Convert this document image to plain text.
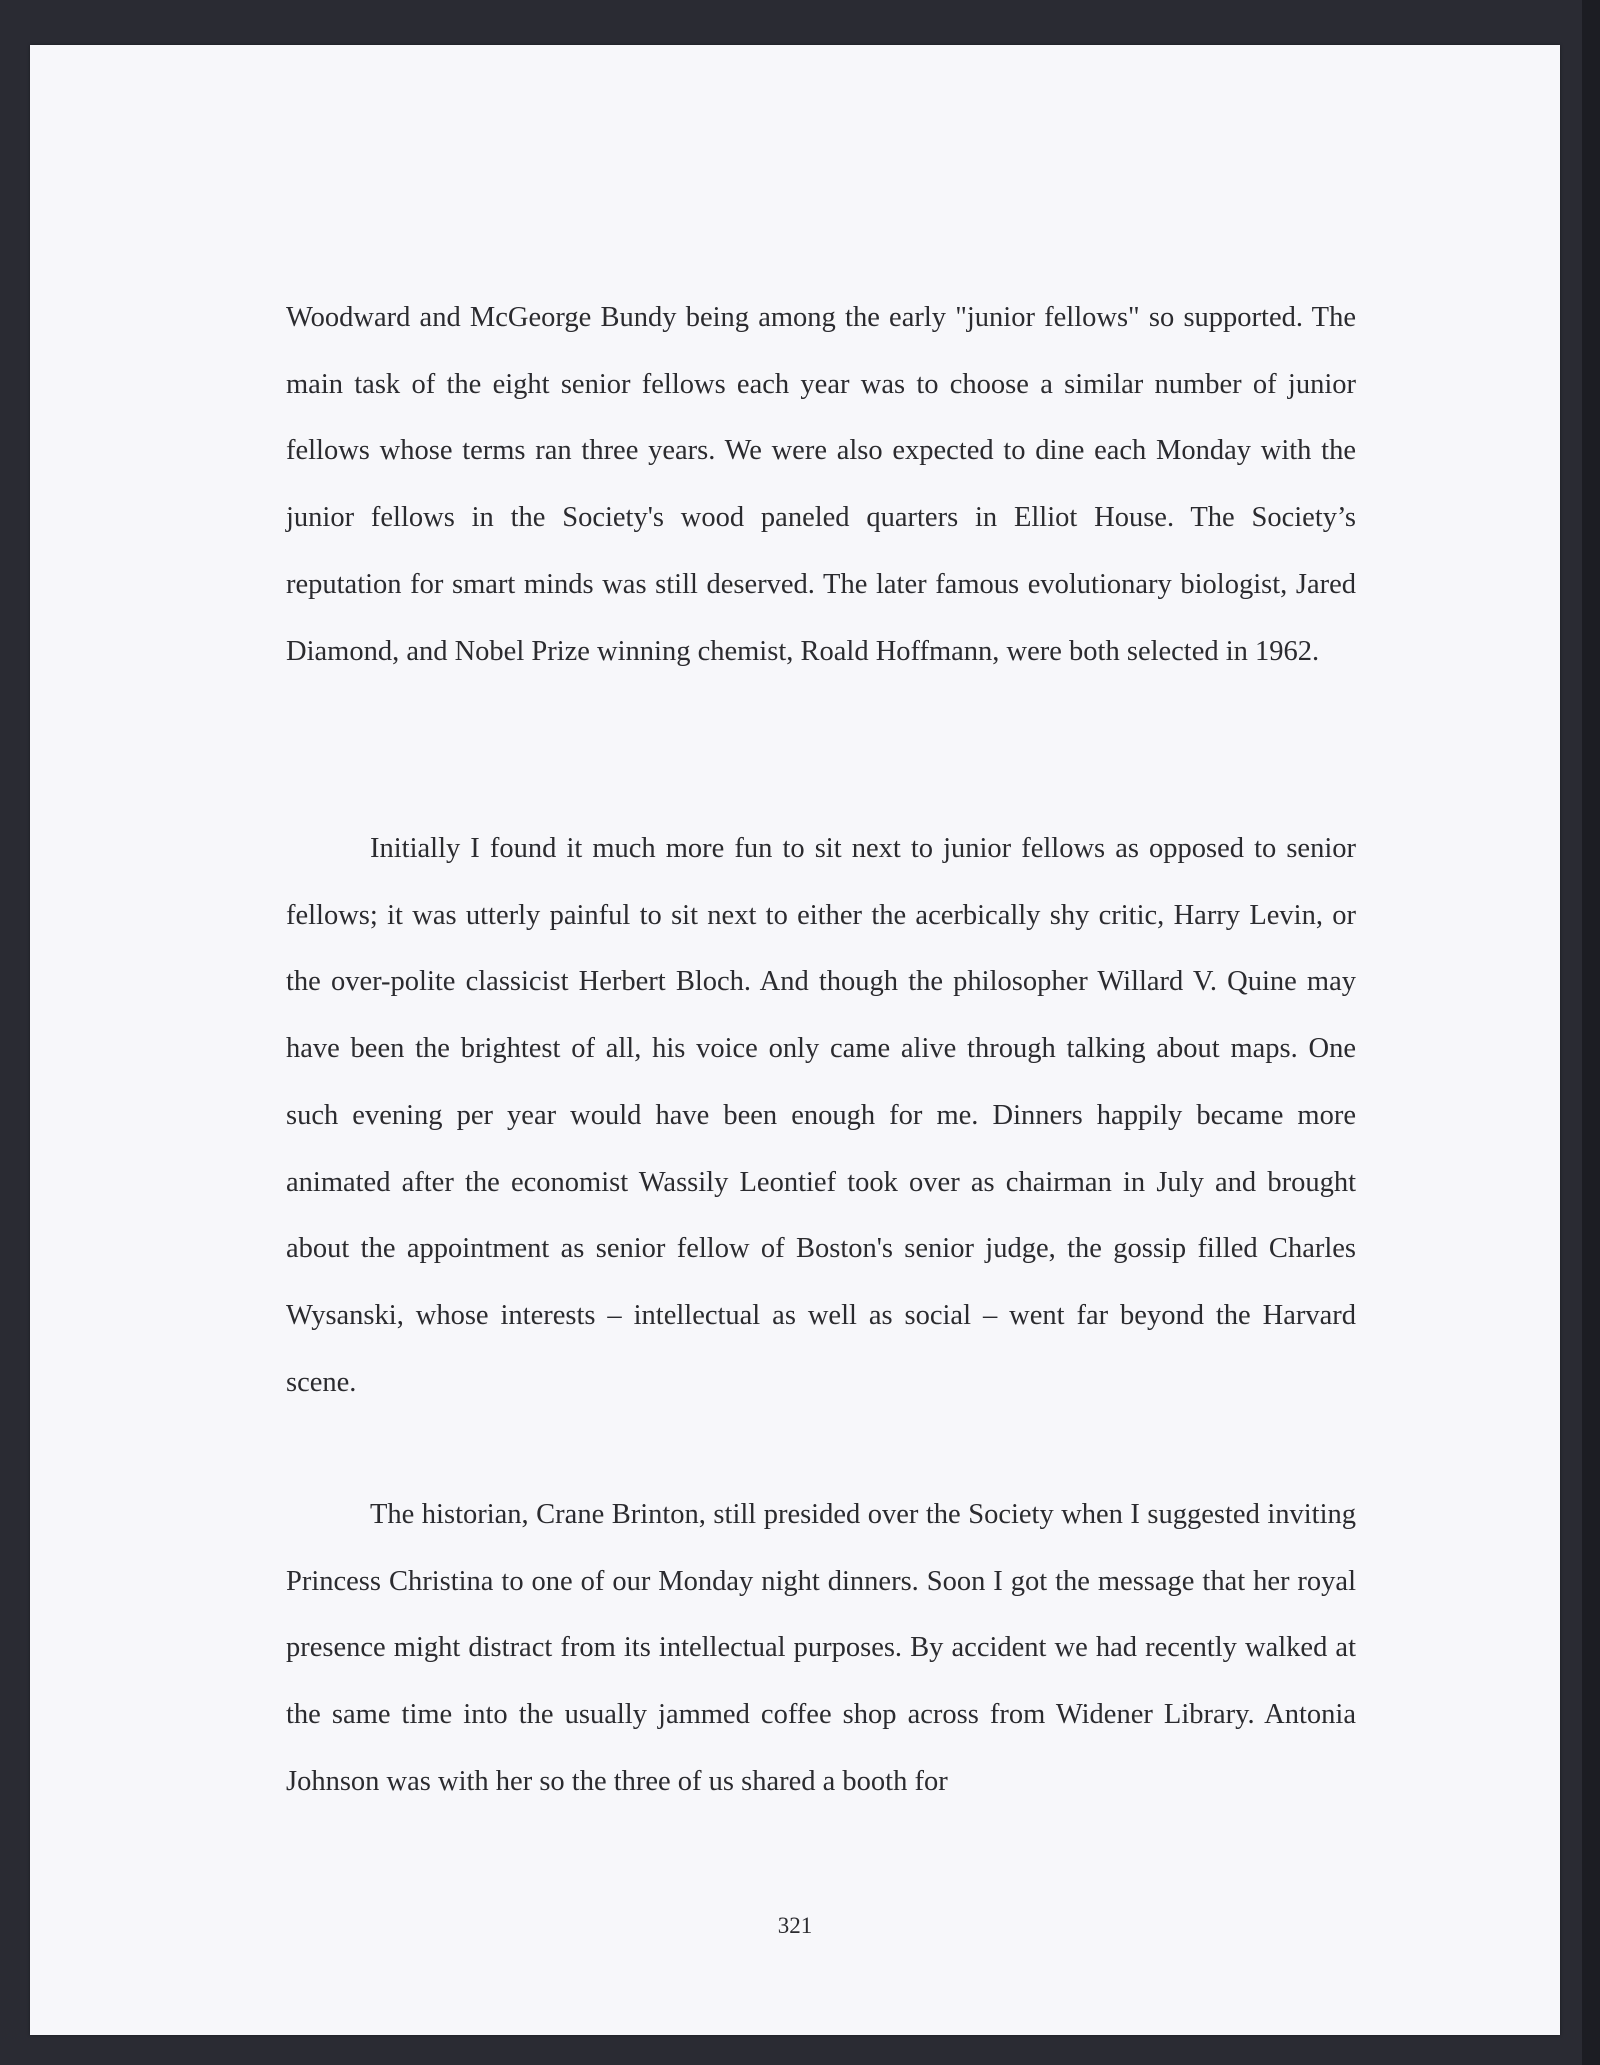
Woodward and McGeorge Bundy being among the early "junior fellows" so supported. The main task of the eight senior fellows each year was to choose a similar number of junior fellows whose terms ran three years. We were also expected to dine each Monday with the junior fellows in the Society's wood paneled quarters in Elliot House. The Society’s reputation for smart minds was still deserved. The later famous evolutionary biologist, Jared Diamond, and Nobel Prize winning chemist, Roald Hoffmann, were both selected in 1962.

Initially I found it much more fun to sit next to junior fellows as opposed to senior fellows; it was utterly painful to sit next to either the acerbically shy critic, Harry Levin, or the over-polite classicist Herbert Bloch. And though the philosopher Willard V. Quine may have been the brightest of all, his voice only came alive through talking about maps. One such evening per year would have been enough for me. Dinners happily became more animated after the economist Wassily Leontief took over as chairman in July and brought about the appointment as senior fellow of Boston's senior judge, the gossip filled Charles Wysanski, whose interests – intellectual as well as social – went far beyond the Harvard scene.

The historian, Crane Brinton, still presided over the Society when I suggested inviting Princess Christina to one of our Monday night dinners. Soon I got the message that her royal presence might distract from its intellectual purposes. By accident we had recently walked at the same time into the usually jammed coffee shop across from Widener Library. Antonia Johnson was with her so the three of us shared a booth for

321
